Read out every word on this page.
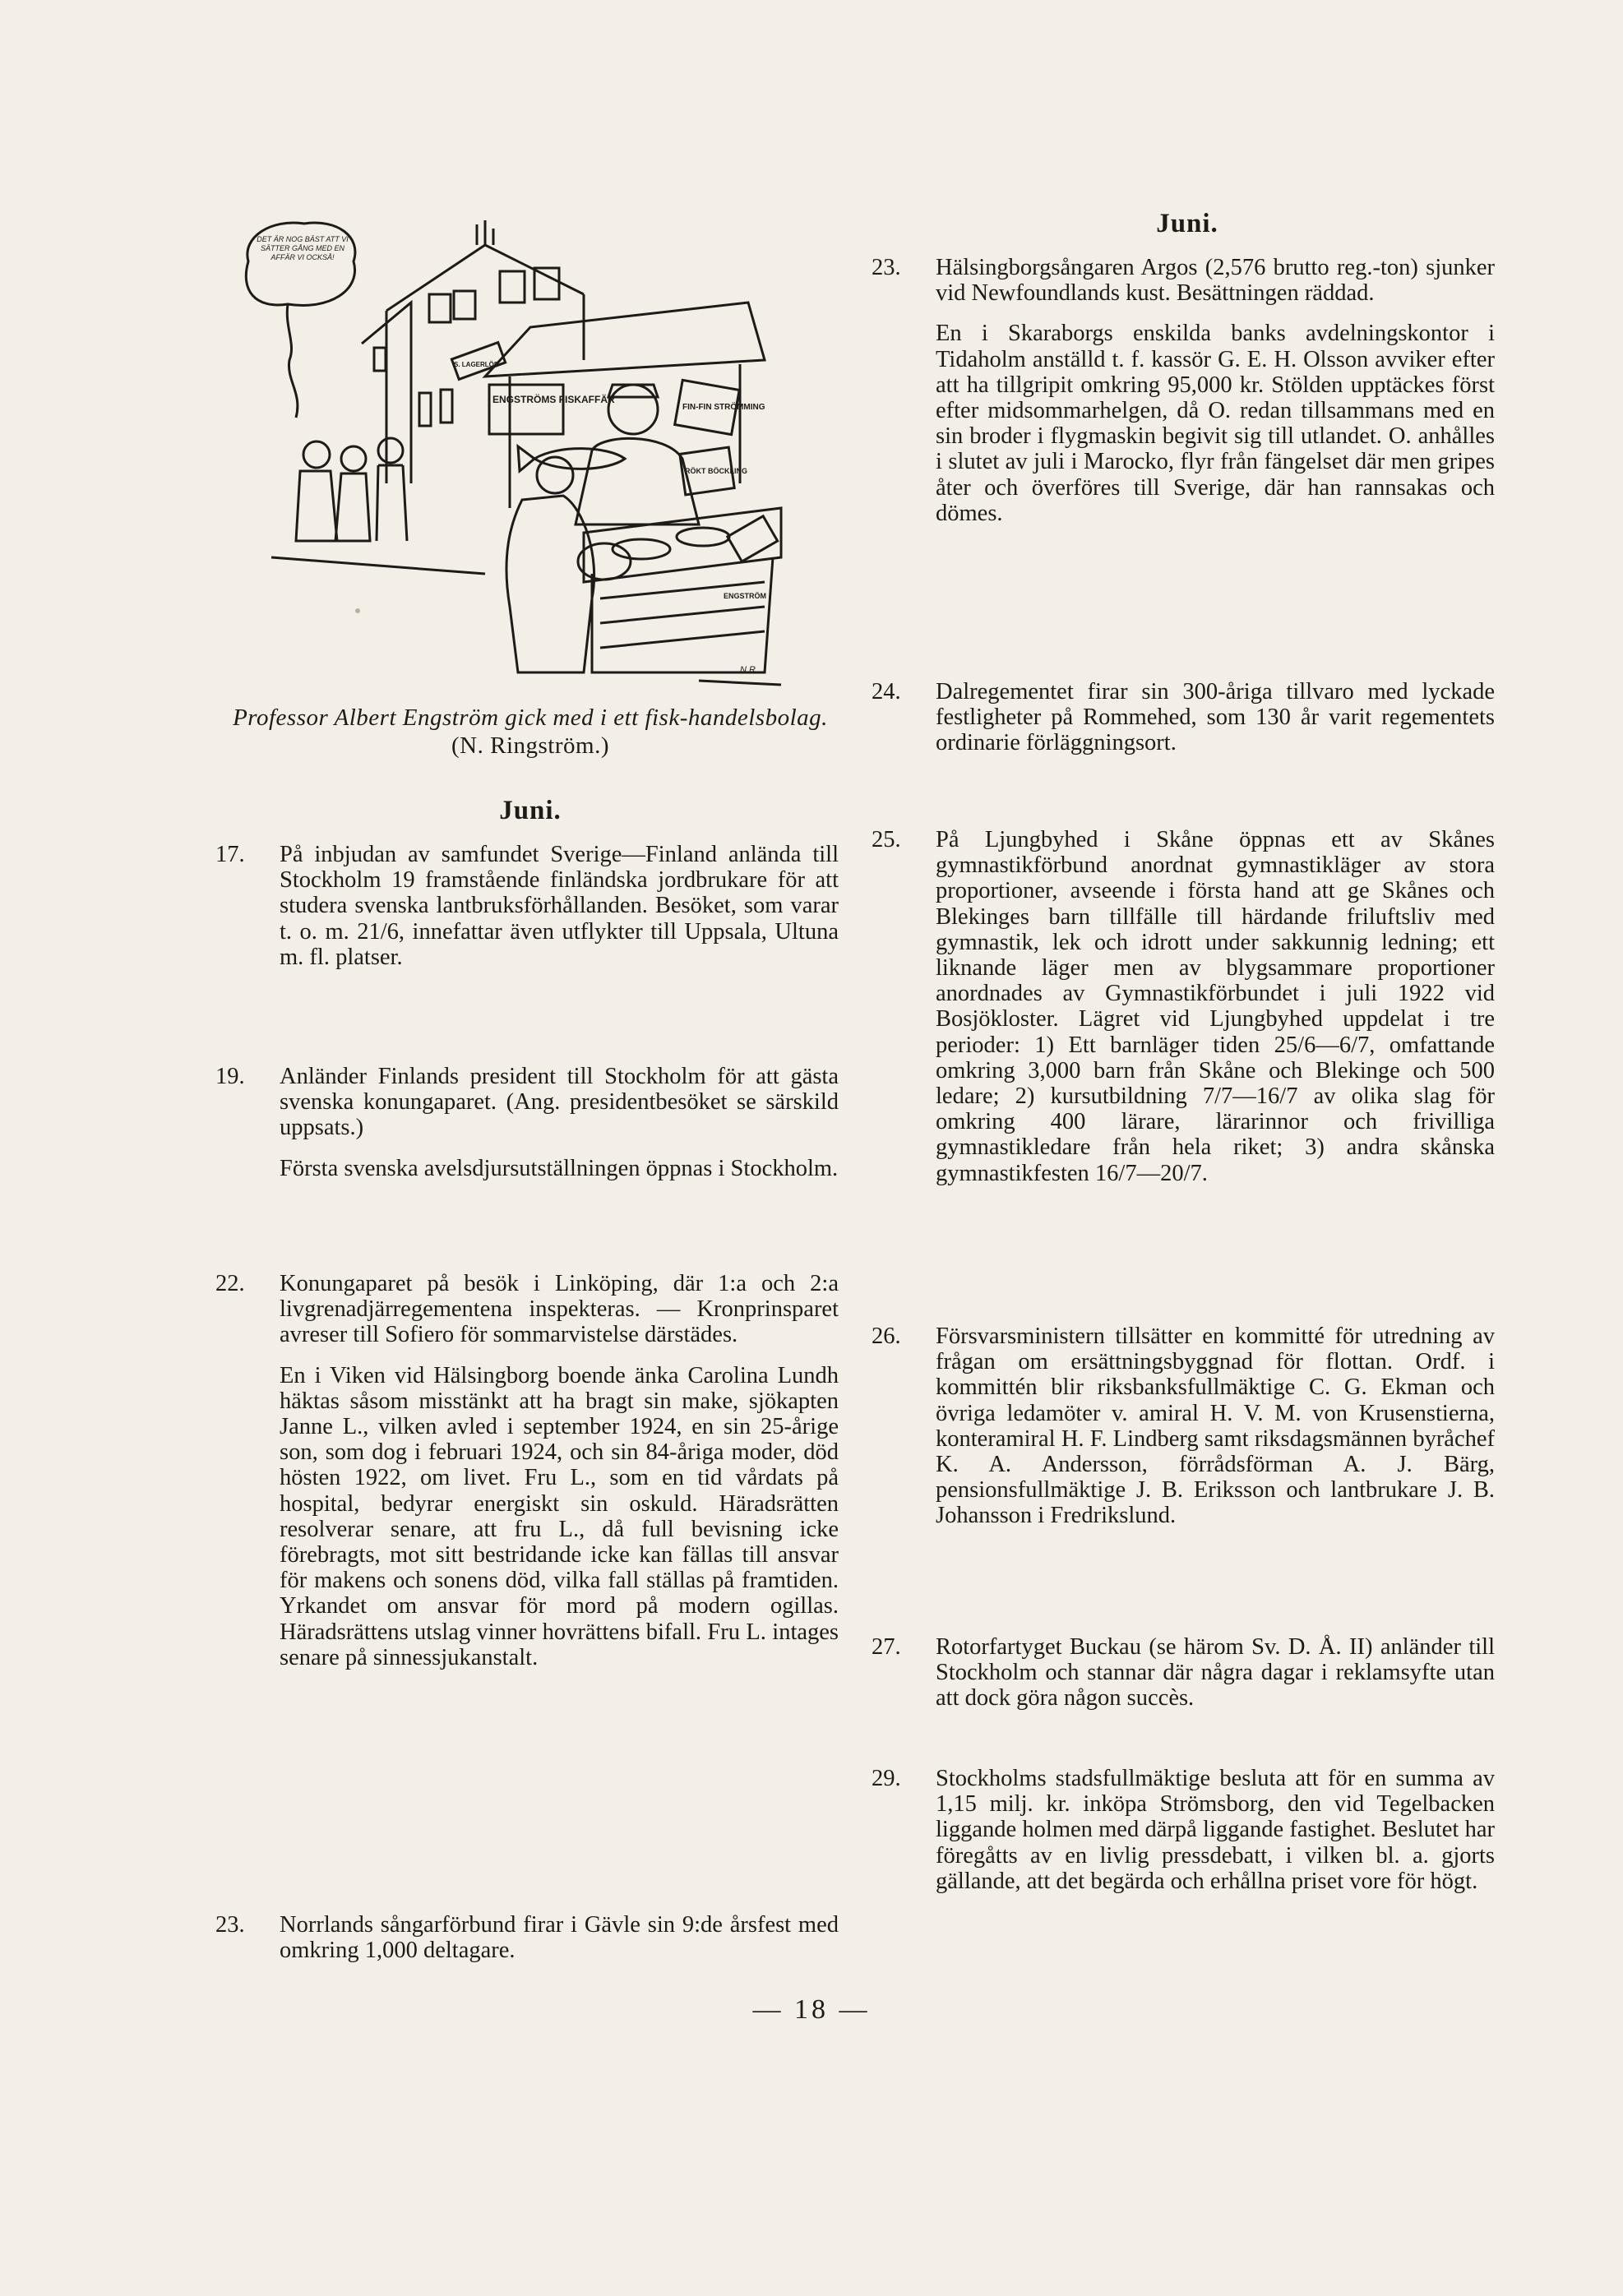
ENGSTRÖMS FISKAFFÄR
FIN-FIN STRÖMMING
RÖKT BÖCKLING
ENGSTRÖM
S. LAGERLÖF
N.R.
DET ÄR NOG BÄST ATT VI SÄTTER GÅNG MED EN AFFÄR VI OCKSÅ!
Professor Albert Engström gick med i ett fisk-handelsbolag. (N. Ringström.)
Juni.
17.	På inbjudan av samfundet Sverige—Finland anlända till Stockholm 19 framstående finländska jordbrukare för att studera svenska lantbruksförhållanden. Besöket, som varar t. o. m. 21/6, innefattar även utflykter till Uppsala, Ultuna m. fl. platser.

19.	Anländer Finlands president till Stockholm för att gästa svenska konungaparet. (Ang. presidentbesöket se särskild uppsats.)

Första svenska avelsdjursutställningen öppnas i Stockholm.

22.	Konungaparet på besök i Linköping, där 1:a och 2:a livgrenadjärregementena inspekteras. — Kronprinsparet avreser till Sofiero för sommarvistelse därstädes.

En i Viken vid Hälsingborg boende änka Carolina Lundh häktas såsom misstänkt att ha bragt sin make, sjökapten Janne L., vilken avled i september 1924, en sin 25-årige son, som dog i februari 1924, och sin 84-åriga moder, död hösten 1922, om livet. Fru L., som en tid vårdats på hospital, bedyrar energiskt sin oskuld. Häradsrätten resolverar senare, att fru L., då full bevisning icke förebragts, mot sitt bestridande icke kan fällas till ansvar för makens och sonens död, vilka fall ställas på framtiden. Yrkandet om ansvar för mord på modern ogillas. Häradsrättens utslag vinner hovrättens bifall. Fru L. intages senare på sinnessjukanstalt.

23.	Norrlands sångarförbund firar i Gävle sin 9:de årsfest med omkring 1,000 deltagare.

Juni.
23.	Hälsingborgsångaren Argos (2,576 brutto reg.-ton) sjunker vid Newfoundlands kust. Besättningen räddad.

En i Skaraborgs enskilda banks avdelningskontor i Tidaholm anställd t. f. kassör G. E. H. Olsson avviker efter att ha tillgripit omkring 95,000 kr. Stölden upptäckes först efter midsommarhelgen, då O. redan tillsammans med en sin broder i flygmaskin begivit sig till utlandet. O. anhålles i slutet av juli i Marocko, flyr från fängelset där men gripes åter och överföres till Sverige, där han rannsakas och dömes.

24.	Dalregementet firar sin 300-åriga tillvaro med lyckade festligheter på Rommehed, som 130 år varit regementets ordinarie förläggningsort.

25.	På Ljungbyhed i Skåne öppnas ett av Skånes gymnastikförbund anordnat gymnastikläger av stora proportioner, avseende i första hand att ge Skånes och Blekinges barn tillfälle till härdande friluftsliv med gymnastik, lek och idrott under sakkunnig ledning; ett liknande läger men av blygsammare proportioner anordnades av Gymnastikförbundet i juli 1922 vid Bosjökloster. Lägret vid Ljungbyhed uppdelat i tre perioder: 1) Ett barnläger tiden 25/6—6/7, omfattande omkring 3,000 barn från Skåne och Blekinge och 500 ledare; 2) kursutbildning 7/7—16/7 av olika slag för omkring 400 lärare, lärarinnor och frivilliga gymnastikledare från hela riket; 3) andra skånska gymnastikfesten 16/7—20/7.

26.	Försvarsministern tillsätter en kommitté för utredning av frågan om ersättningsbyggnad för flottan. Ordf. i kommittén blir riksbanksfullmäktige C. G. Ekman och övriga ledamöter v. amiral H. V. M. von Krusenstierna, konteramiral H. F. Lindberg samt riksdagsmännen byråchef K. A. Andersson, förrådsförman A. J. Bärg, pensionsfullmäktige J. B. Eriksson och lantbrukare J. B. Johansson i Fredrikslund.

27.	Rotorfartyget Buckau (se härom Sv. D. Å. II) anländer till Stockholm och stannar där några dagar i reklamsyfte utan att dock göra någon succès.

29.	Stockholms stadsfullmäktige besluta att för en summa av 1,15 milj. kr. inköpa Strömsborg, den vid Tegelbacken liggande holmen med därpå liggande fastighet. Beslutet har föregåtts av en livlig pressdebatt, i vilken bl. a. gjorts gällande, att det begärda och erhållna priset vore för högt.

— 18 —
